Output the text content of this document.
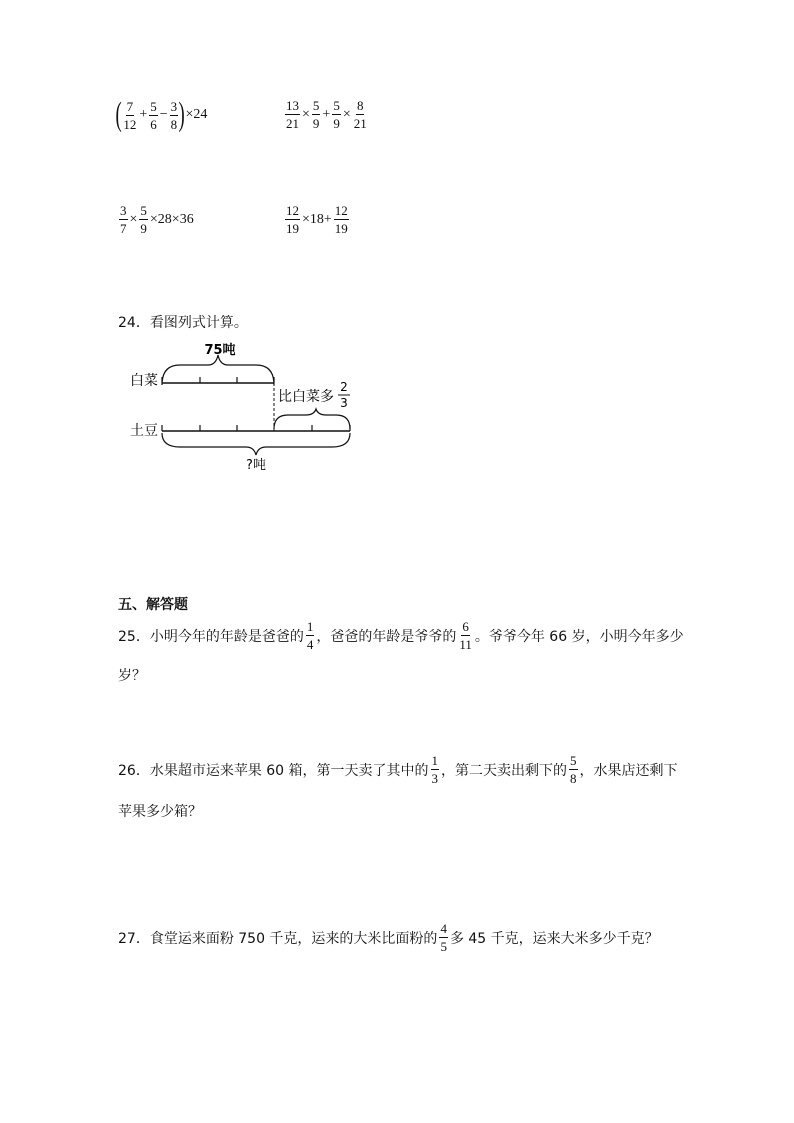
( $\frac{7}{12} + \frac{5}{6} - \frac{3}{8}$ ) ×24	$\frac{13}{21} \times \frac{5}{9} + \frac{5}{9} \times \frac{8}{21}$
$\frac{3}{7} \times \frac{5}{9} \times 28\times 36$	$\frac{12}{19} \times 18+ \frac{12}{19}$
24．看图列式计算。
75吨
白菜
比白菜多
2
3
土豆
?吨
五、解答题
25．小明今年的年龄是爸爸的 $\frac{1}{4}$ ，爸爸的年龄是爷爷的 $\frac{6}{11}$ 。爷爷今年 66 岁，小明今年多少
岁？
26．水果超市运来苹果 60 箱，第一天卖了其中的 $\frac{1}{3}$ ，第二天卖出剩下的 $\frac{5}{8}$ ，水果店还剩下
苹果多少箱？
27．食堂运来面粉 750 千克，运来的大米比面粉的 $\frac{4}{5}$ 多 45 千克，运来大米多少千克？
